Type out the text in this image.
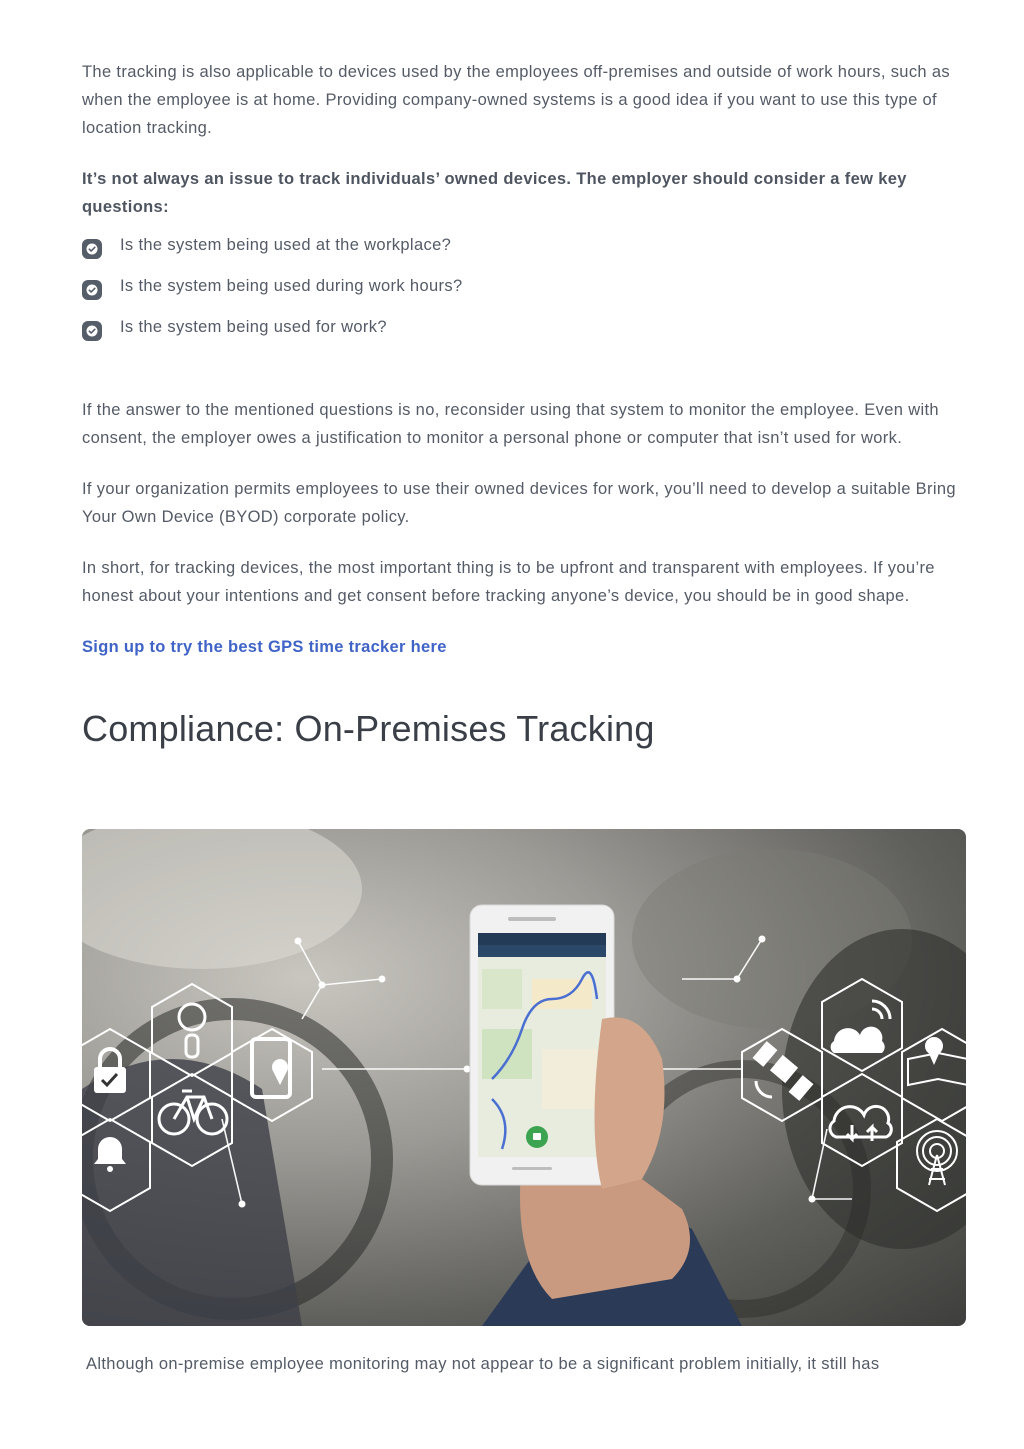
The tracking is also applicable to devices used by the employees off-premises and outside of work hours, such as when the employee is at home. Providing company-owned systems is a good idea if you want to use this type of location tracking.

It’s not always an issue to track individuals’ owned devices. The employer should consider a few key questions:

Is the system being used at the workplace?
Is the system being used during work hours?
Is the system being used for work?

If the answer to the mentioned questions is no, reconsider using that system to monitor the employee. Even with consent, the employer owes a justification to monitor a personal phone or computer that isn’t used for work.

If your organization permits employees to use their owned devices for work, you’ll need to develop a suitable Bring Your Own Device (BYOD) corporate policy.

In short, for tracking devices, the most important thing is to be upfront and transparent with employees. If you’re honest about your intentions and get consent before tracking anyone’s device, you should be in good shape.

Sign up to try the best GPS time tracker here
Compliance: On-Premises Tracking

Although on-premise employee monitoring may not appear to be a significant problem initially, it still has
